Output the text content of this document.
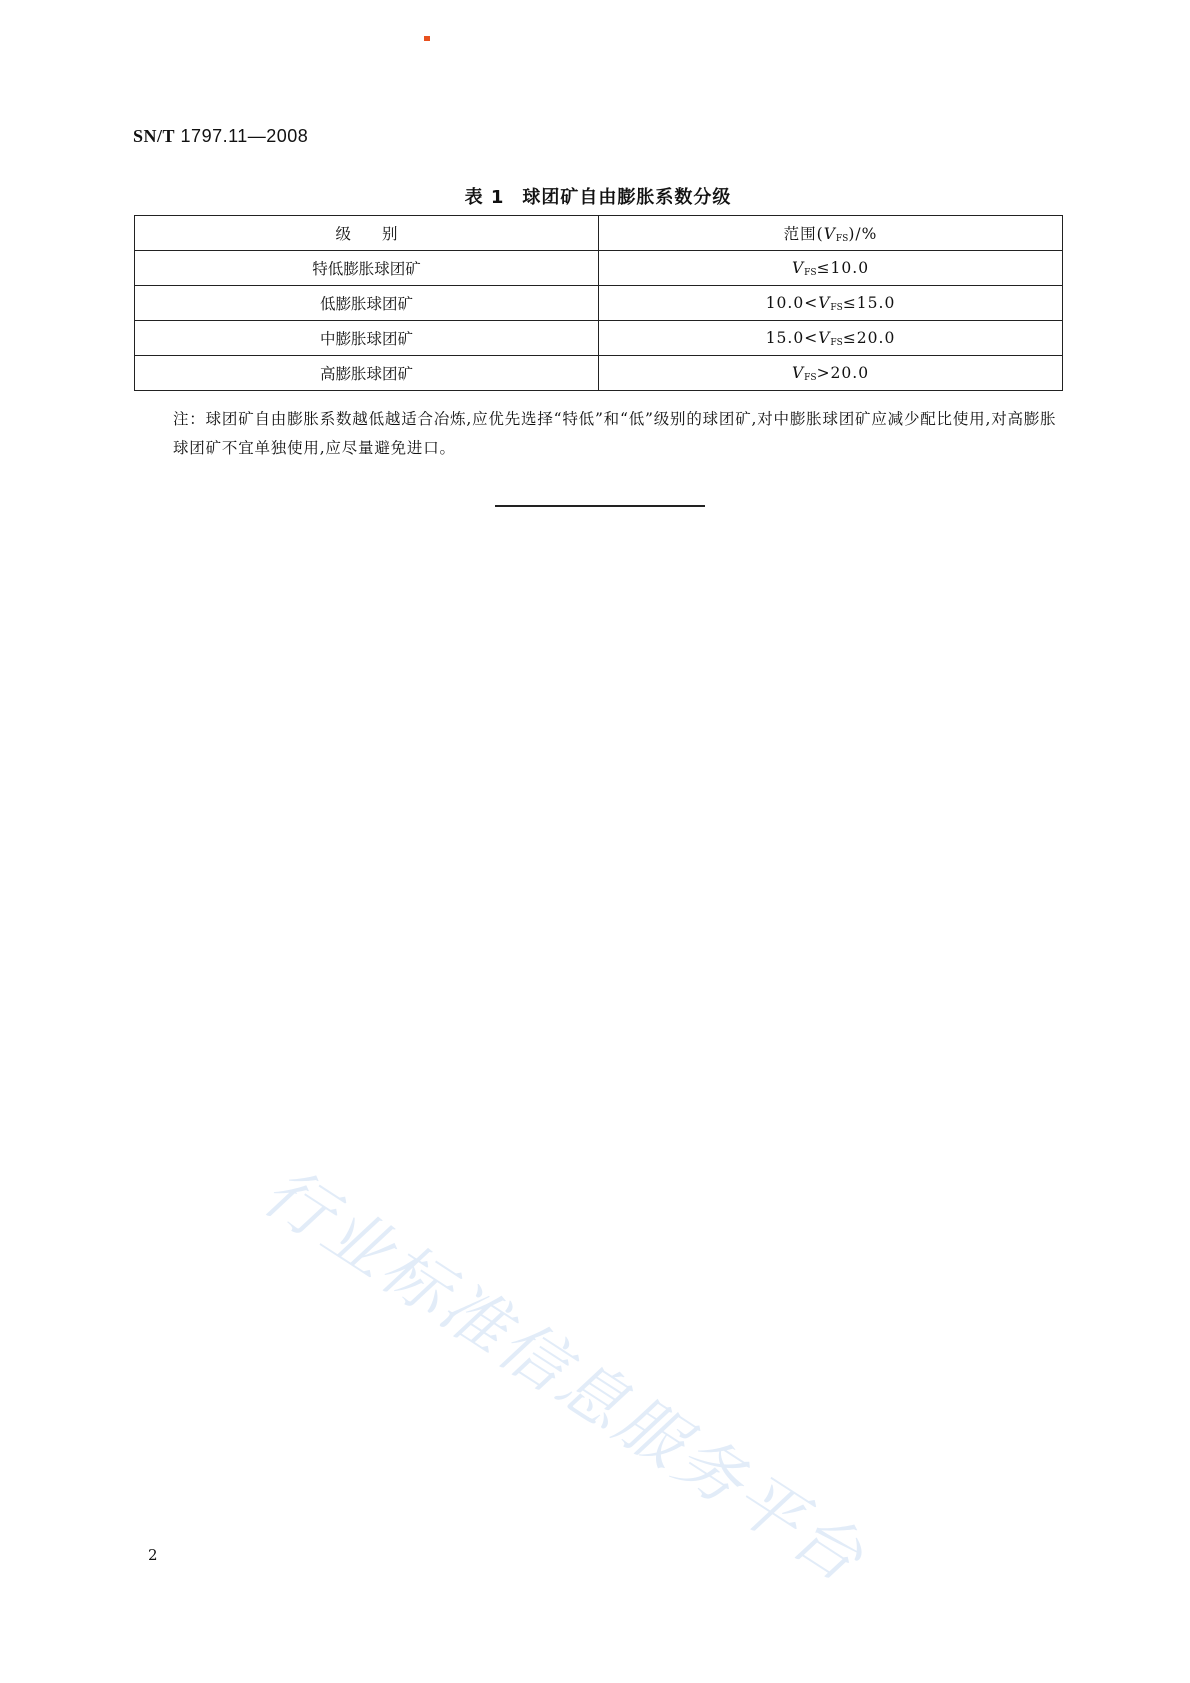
SN/T 1797.11—2008
表 1 球团矿自由膨胀系数分级
级　　别	范围$(V_{FS})/\%$
特低膨胀球团矿	$V_{FS}\le 10.0$
低膨胀球团矿	$10.0<V_{FS}\le 15.0$
中膨胀球团矿	$15.0<V_{FS}\le 20.0$
高膨胀球团矿	$V_{FS}>20.0$
注：球团矿自由膨胀系数越低越适合冶炼,应优先选择“特低”和“低”级别的球团矿,对中膨胀球团矿应减少配比使用,对高膨胀球团矿不宜单独使用,应尽量避免进口。
行业标准信息服务平台
2
